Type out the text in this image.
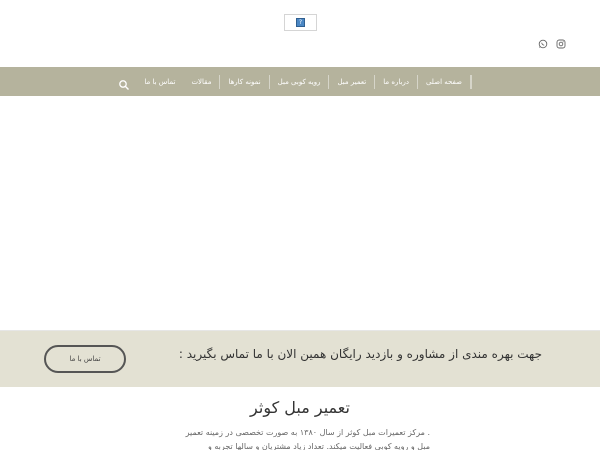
?
صفحه اصلی
درباره ما
تعمیر مبل
رویه کوبی مبل
نمونه کارها
مقالات
تماس با ما
جهت بهره مندی از مشاوره و بازدید رایگان همین الان با ما تماس بگیرید :
تماس با ما
تعمیر مبل کوثر
. مرکز تعمیرات مبل کوثر از سال ۱۳۸۰ به صورت تخصصی در زمینه تعمیر
مبل و رویه کوبی فعالیت میکند. تعداد زیاد مشتریان و سالها تجربه و
